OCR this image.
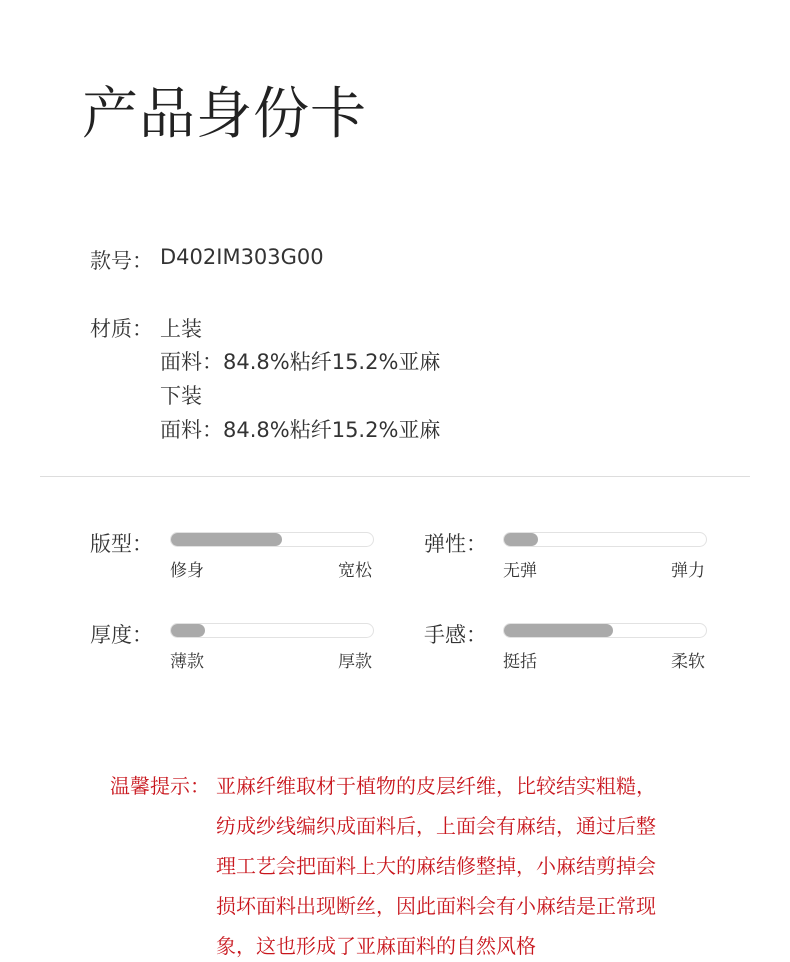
产品身份卡
款号： D402IM303G00
材质： 上装
面料：84.8%粘纤15.2%亚麻
下装
面料：84.8%粘纤15.2%亚麻
版型：
修身	宽松
弹性：
无弹	弹力
厚度：
薄款	厚款
手感：
挺括	柔软
温馨提示： 亚麻纤维取材于植物的皮层纤维，比较结实粗糙，
纺成纱线编织成面料后，上面会有麻结，通过后整
理工艺会把面料上大的麻结修整掉，小麻结剪掉会
损坏面料出现断丝，因此面料会有小麻结是正常现
象，这也形成了亚麻面料的自然风格
